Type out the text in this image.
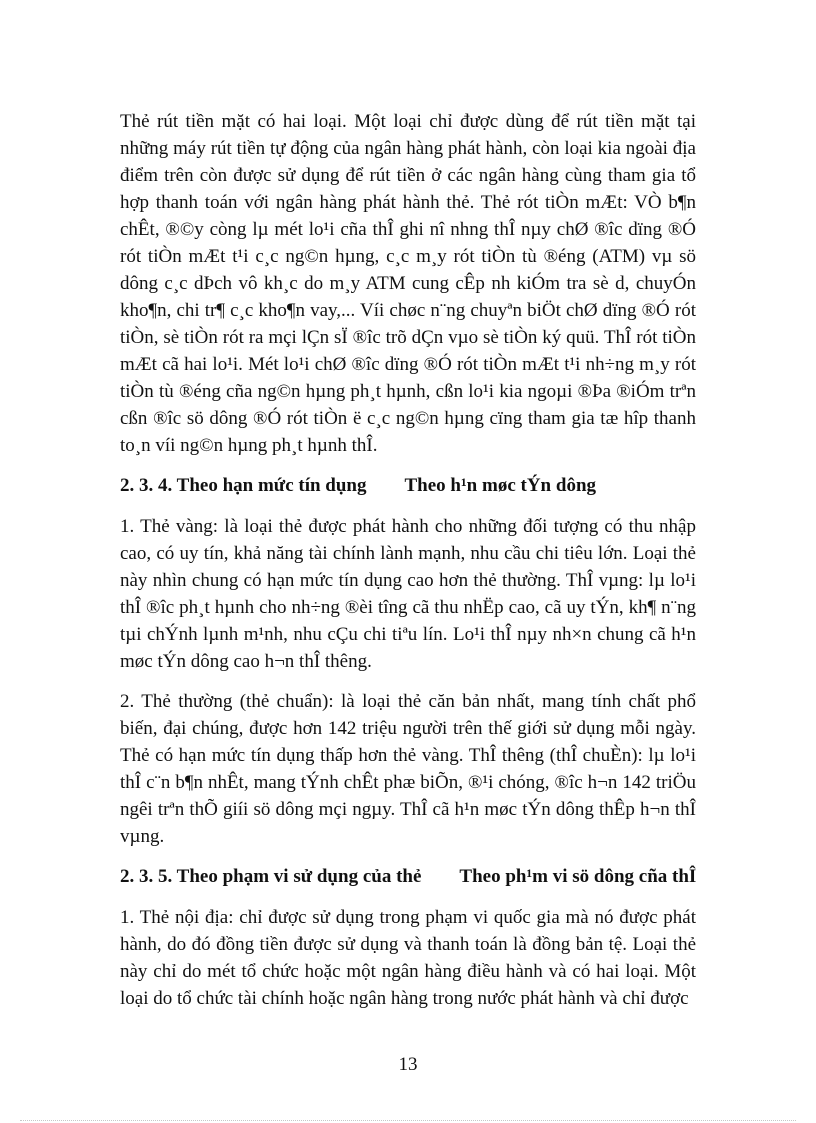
Thẻ rút tiền mặt có hai loại. Một loại chỉ được dùng để rút tiền mặt tại những máy rút tiền tự động của ngân hàng phát hành, còn loại kia ngoài địa điểm trên còn được sử dụng để rút tiền ở các ngân hàng cùng tham gia tổ hợp thanh toán với ngân hàng phát hành thẻ. Thẻ rót tiÒn mÆt: VÒ b¶n chÊt, ®©y còng lµ mét lo¹i cña thÎ ghi nî nhng thÎ nµy chØ ®îc dïng ®Ó rót tiÒn mÆt t¹i c¸c ng©n hµng, c¸c m¸y rót tiÒn tù ®éng (ATM) vµ sö dông c¸c dÞch vô kh¸c do m¸y ATM cung cÊp nh kiÓm tra sè d, chuyÓn kho¶n, chi tr¶ c¸c kho¶n vay,... Víi chøc n¨ng chuyªn biÖt chØ dïng ®Ó rót tiÒn, sè tiÒn rót ra mçi lÇn sÏ ®îc trõ dÇn vµo sè tiÒn ký quü. ThÎ rót tiÒn mÆt cã hai lo¹i. Mét lo¹i chØ ®îc dïng ®Ó rót tiÒn mÆt t¹i nh÷ng m¸y rót tiÒn tù ®éng cña ng©n hµng ph¸t hµnh, cßn lo¹i kia ngoµi ®Þa ®iÓm trªn cßn ®îc sö dông ®Ó rót tiÒn ë c¸c ng©n hµng cïng tham gia tæ hîp thanh to¸n víi ng©n hµng ph¸t hµnh thÎ.

2. 3. 4. Theo hạn mức tín dụng Theo h¹n møc tÝn dông

1. Thẻ vàng: là loại thẻ được phát hành cho những đối tượng có thu nhập cao, có uy tín, khả năng tài chính lành mạnh, nhu cầu chi tiêu lớn. Loại thẻ này nhìn chung có hạn mức tín dụng cao hơn thẻ thường. ThÎ vµng: lµ lo¹i thÎ ®îc ph¸t hµnh cho nh÷ng ®èi tîng cã thu nhËp cao, cã uy tÝn, kh¶ n¨ng tµi chÝnh lµnh m¹nh, nhu cÇu chi tiªu lín. Lo¹i thÎ nµy nh×n chung cã h¹n møc tÝn dông cao h¬n thÎ thêng.

2. Thẻ thường (thẻ chuẩn): là loại thẻ căn bản nhất, mang tính chất phổ biến, đại chúng, được hơn 142 triệu người trên thế giới sử dụng mỗi ngày. Thẻ có hạn mức tín dụng thấp hơn thẻ vàng. ThÎ thêng (thÎ chuÈn): lµ lo¹i thÎ c¨n b¶n nhÊt, mang tÝnh chÊt phæ biÕn, ®¹i chóng, ®îc h¬n 142 triÖu ngêi trªn thÕ giíi sö dông mçi ngµy. ThÎ cã h¹n møc tÝn dông thÊp h¬n thÎ vµng.

2. 3. 5. Theo phạm vi sử dụng của thẻ Theo ph¹m vi sö dông cña thÎ

1. Thẻ nội địa: chỉ được sử dụng trong phạm vi quốc gia mà nó được phát hành, do đó đồng tiền được sử dụng và thanh toán là đồng bản tệ. Loại thẻ này chỉ do mét tổ chức hoặc một ngân hàng điều hành và có hai loại. Một loại do tổ chức tài chính hoặc ngân hàng trong nước phát hành và chỉ được

13
